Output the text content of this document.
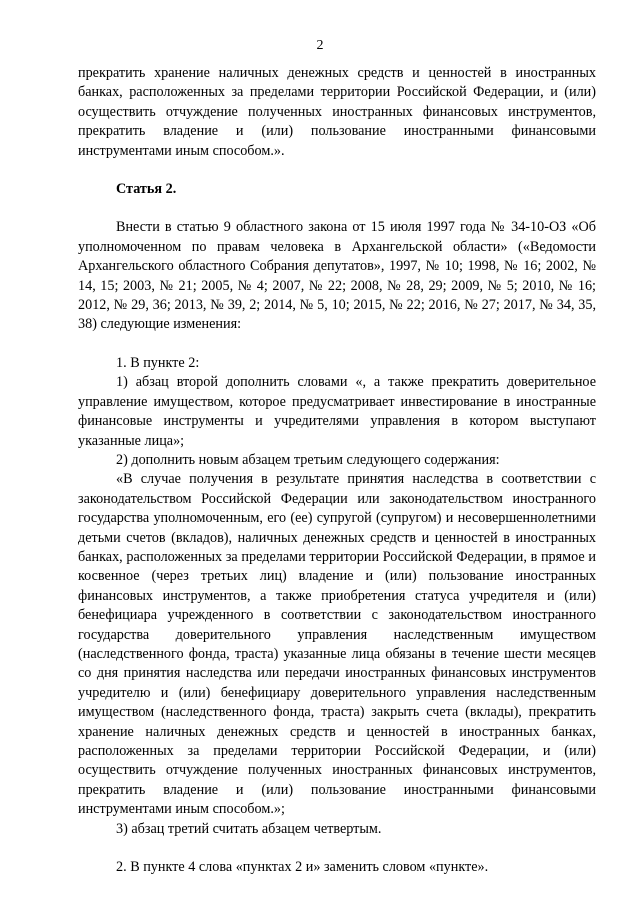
2

прекратить хранение наличных денежных средств и ценностей в иностранных банках, расположенных за пределами территории Российской Федерации, и (или) осуществить отчуждение полученных иностранных финансовых инструментов, прекратить владение и (или) пользование иностранными финансовыми инструментами иным способом.».

Статья 2.

Внести в статью 9 областного закона от 15 июля 1997 года № 34-10-ОЗ «Об уполномоченном по правам человека в Архангельской области» («Ведомости Архангельского областного Собрания депутатов», 1997, № 10; 1998, № 16; 2002, № 14, 15; 2003, № 21; 2005, № 4; 2007, № 22; 2008, № 28, 29; 2009, № 5; 2010, № 16; 2012, № 29, 36; 2013, № 39, 2; 2014, № 5, 10; 2015, № 22; 2016, № 27; 2017, № 34, 35, 38) следующие изменения:

1. В пункте 2:

1) абзац второй дополнить словами «, а также прекратить доверительное управление имуществом, которое предусматривает инвестирование в иностранные финансовые инструменты и учредителями управления в котором выступают указанные лица»;

2) дополнить новым абзацем третьим следующего содержания:

«В случае получения в результате принятия наследства в соответствии с законодательством Российской Федерации или законодательством иностранного государства уполномоченным, его (ее) супругой (супругом) и несовершеннолетними детьми счетов (вкладов), наличных денежных средств и ценностей в иностранных банках, расположенных за пределами территории Российской Федерации, в прямое и косвенное (через третьих лиц) владение и (или) пользование иностранных финансовых инструментов, а также приобретения статуса учредителя и (или) бенефициара учрежденного в соответствии с законодательством иностранного государства доверительного управления наследственным имуществом (наследственного фонда, траста) указанные лица обязаны в течение шести месяцев со дня принятия наследства или передачи иностранных финансовых инструментов учредителю и (или) бенефициару доверительного управления наследственным имуществом (наследственного фонда, траста) закрыть счета (вклады), прекратить хранение наличных денежных средств и ценностей в иностранных банках, расположенных за пределами территории Российской Федерации, и (или) осуществить отчуждение полученных иностранных финансовых инструментов, прекратить владение и (или) пользование иностранными финансовыми инструментами иным способом.»;

3) абзац третий считать абзацем четвертым.

2. В пункте 4 слова «пунктах 2 и» заменить словом «пункте».
